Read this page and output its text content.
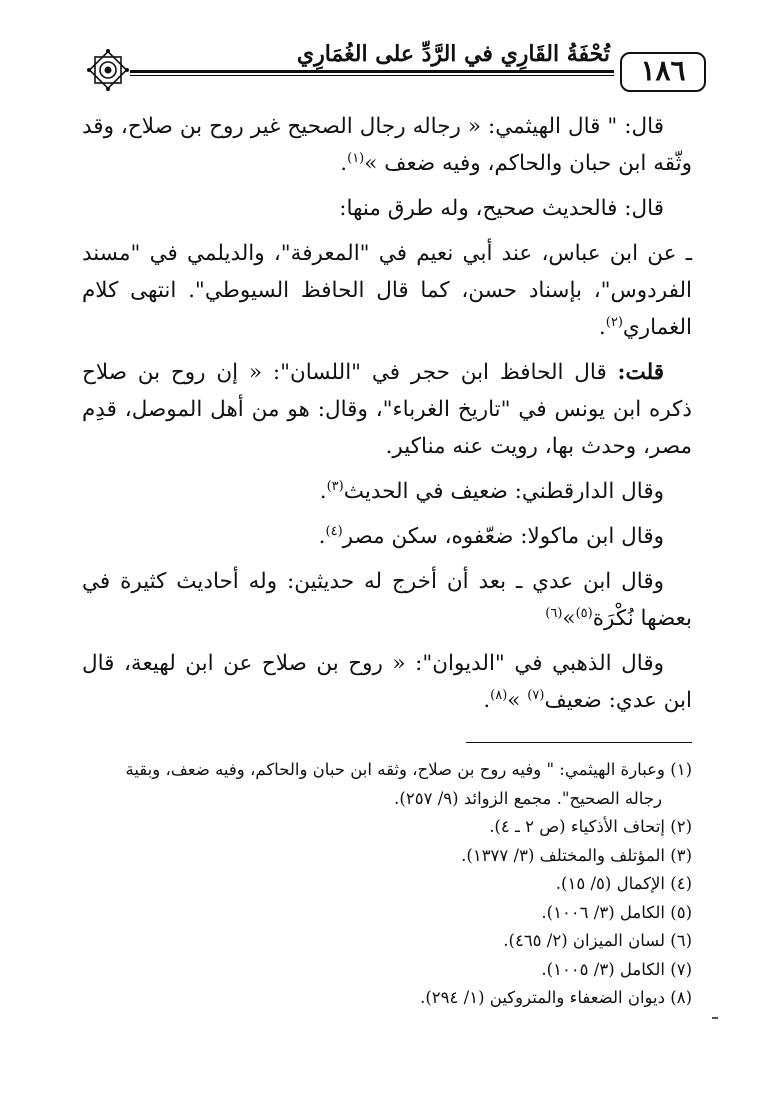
تُحْفَةُ القَارِي في الرَّدِّ على الغُمَارِي	١٨٦

قال: " قال الهيثمي: « رجاله رجال الصحيح غير روح بن صلاح، وقد وثّقه ابن حبان والحاكم، وفيه ضعف »$^{(١)}$.

قال: فالحديث صحيح، وله طرق منها:

ـ عن ابن عباس، عند أبي نعيم في "المعرفة"، والديلمي في "مسند الفردوس"، بإسناد حسن، كما قال الحافظ السيوطي". انتهى كلام الغماري$^{(٢)}$.

قلت: قال الحافظ ابن حجر في "اللسان": « إن روح بن صلاح ذكره ابن يونس في "تاريخ الغرباء"، وقال: هو من أهل الموصل، قدِم مصر، وحدث بها، رويت عنه مناكير.

وقال الدارقطني: ضعيف في الحديث$^{(٣)}$.

وقال ابن ماكولا: ضعّفوه، سكن مصر$^{(٤)}$.

وقال ابن عدي ـ بعد أن أخرج له حديثين: وله أحاديث كثيرة في بعضها نُكْرَة$^{(٥)}$»$^{(٦)}$

وقال الذهبي في "الديوان": « روح بن صلاح عن ابن لهيعة، قال ابن عدي: ضعيف$^{(٧)}$ »$^{(٨)}$.

(١) وعبارة الهيثمي: " وفيه روح بن صلاح، وثقه ابن حبان والحاكم، وفيه ضعف، وبقية
رجاله الصحيح". مجمع الزوائد (٩/ ٢٥٧).

(٢) إتحاف الأذكياء (ص ٢ ـ ٤).

(٣) المؤتلف والمختلف (٣/ ١٣٧٧).

(٤) الإكمال (٥/ ١٥).

(٥) الكامل (٣/ ١٠٠٦).

(٦) لسان الميزان (٢/ ٤٦٥).

(٧) الكامل (٣/ ١٠٠٥).

(٨) ديوان الضعفاء والمتروكين (١/ ٢٩٤).
